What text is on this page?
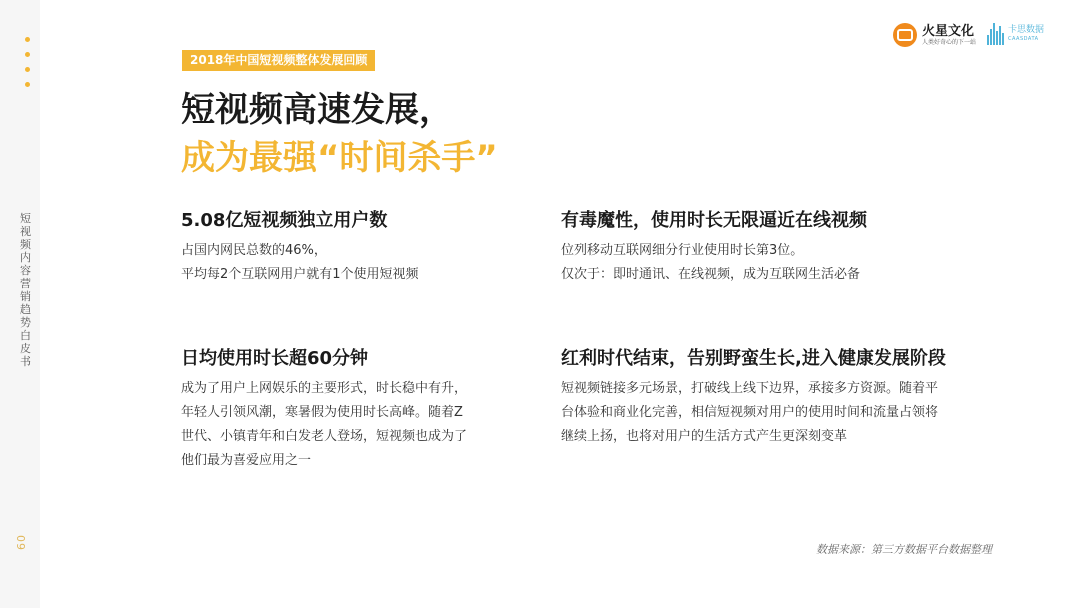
短视频内容营销趋势白皮书
09
火星文化
人类好奇心的下一站
卡思数据
CAASDATA
2018年中国短视频整体发展回顾
短视频高速发展，
成为最强“时间杀手”
5.08亿短视频独立用户数

占国内网民总数的46%，

平均每2个互联网用户就有1个使用短视频

有毒魔性，使用时长无限逼近在线视频

位列移动互联网细分行业使用时长第3位。

仅次于：即时通讯、在线视频，成为互联网生活必备

日均使用时长超60分钟

成为了用户上网娱乐的主要形式，时长稳中有升，

年轻人引领风潮，寒暑假为使用时长高峰。随着Z

世代、小镇青年和白发老人登场，短视频也成为了

他们最为喜爱应用之一

红利时代结束，告别野蛮生长,进入健康发展阶段

短视频链接多元场景，打破线上线下边界，承接多方资源。随着平

台体验和商业化完善，相信短视频对用户的使用时间和流量占领将

继续上扬，也将对用户的生活方式产生更深刻变革

数据来源：第三方数据平台数据整理
